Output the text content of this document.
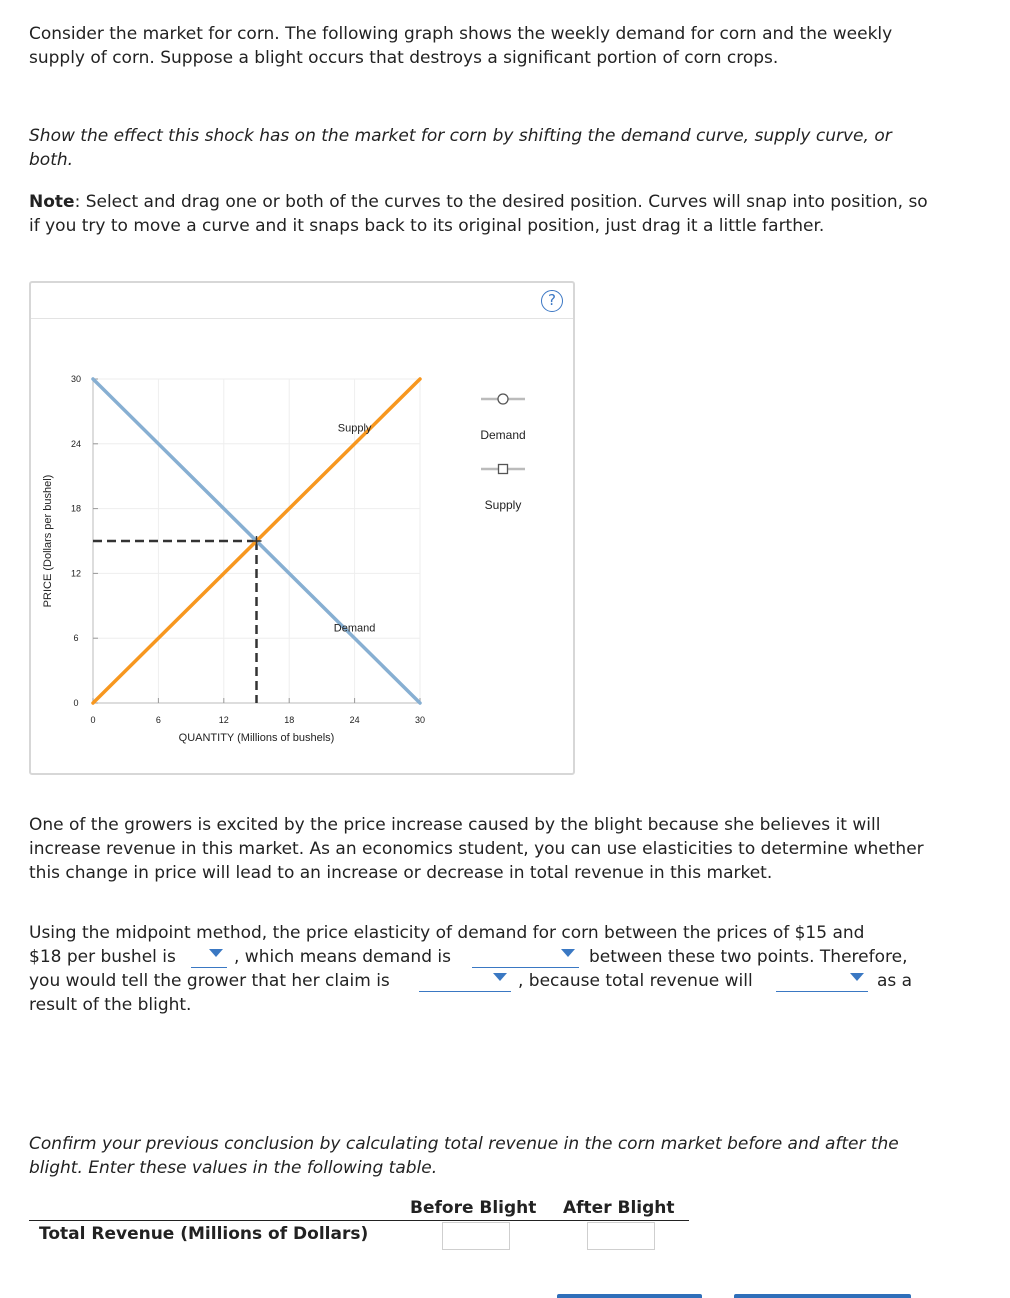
Consider the market for corn. The following graph shows the weekly demand for corn and the weekly supply of corn. Suppose a blight occurs that destroys a significant portion of corn crops.

Show the effect this shock has on the market for corn by shifting the demand curve, supply curve, or both.

Note: Select and drag one or both of the curves to the desired position. Curves will snap into position, so if you try to move a curve and it snaps back to its original position, just drag it a little farther.

?
0	6	12	18	24	30
0
6
12
18
24
30
QUANTITY (Millions of bushels)
PRICE (Dollars per bushel)
Demand
Supply	Demand
Supply

One of the growers is excited by the price increase caused by the blight because she believes it will increase revenue in this market. As an economics student, you can use elasticities to determine whether this change in price will lead to an increase or decrease in total revenue in this market.

Using the midpoint method, the price elasticity of demand for corn between the prices of $15 and
$18 per bushel is	, which means demand is	between these two points. Therefore,
you would tell the grower that her claim is	, because total revenue will	as a
result of the blight.

Confirm your previous conclusion by calculating total revenue in the corn market before and after the blight. Enter these values in the following table.

Before Blight After Blight
Total Revenue (Millions of Dollars)
